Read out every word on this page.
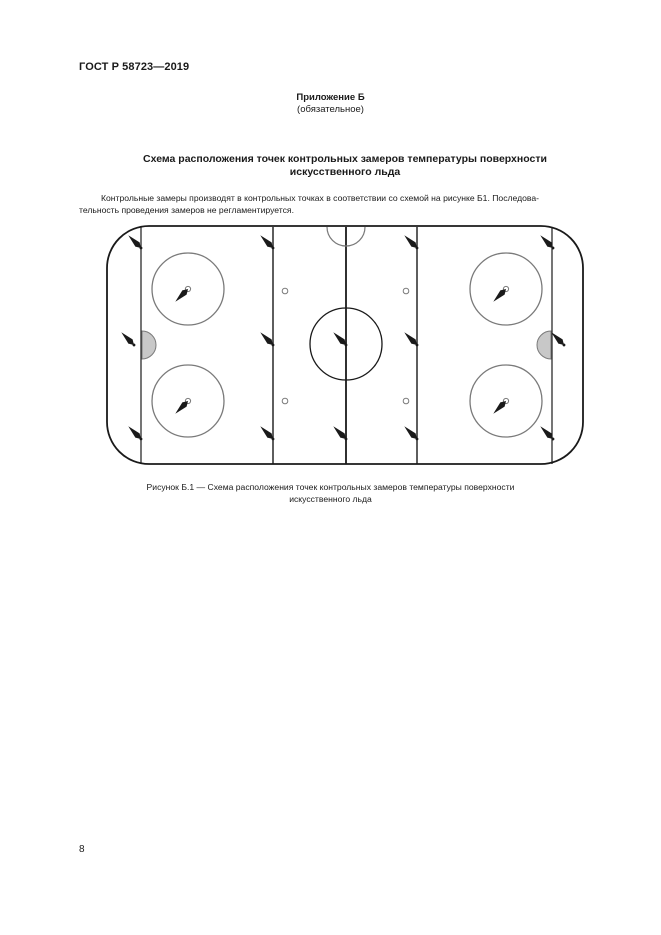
ГОСТ Р 58723—2019
Приложение Б
(обязательное)
Схема расположения точек контрольных замеров температуры поверхности
искусственного льда
Контрольные замеры производят в контрольных точках в соответствии со схемой на рисунке Б1. Последова-
тельность проведения замеров не регламентируется.
Рисунок Б.1 — Схема расположения точек контрольных замеров температуры поверхности
искусственного льда
8
